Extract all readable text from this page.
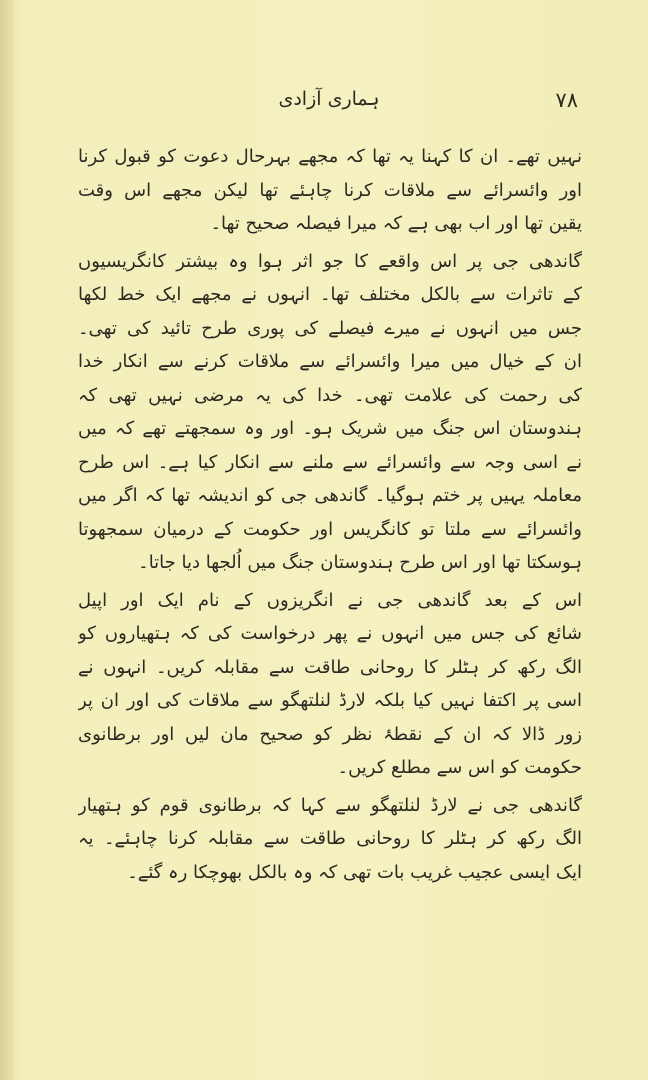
ہماری آزادی	۷۸
نہیں تھے۔ ان کا کہنا یہ تھا کہ مجھے بہرحال دعوت کو قبول کرنا
اور وائسرائے سے ملاقات کرنا چاہئے تھا لیکن مجھے اس وقت
یقین تھا اور اب بھی ہے کہ میرا فیصلہ صحیح تھا۔
گاندھی جی پر اس واقعے کا جو اثر ہوا وہ بیشتر کانگریسیوں
کے تاثرات سے بالکل مختلف تھا۔ انہوں نے مجھے ایک خط لکھا
جس میں انہوں نے میرے فیصلے کی پوری طرح تائید کی تھی۔
ان کے خیال میں میرا وائسرائے سے ملاقات کرنے سے انکار خدا
کی رحمت کی علامت تھی۔ خدا کی یہ مرضی نہیں تھی کہ
ہندوستان اس جنگ میں شریک ہو۔ اور وہ سمجھتے تھے کہ میں
نے اسی وجہ سے وائسرائے سے ملنے سے انکار کیا ہے۔ اس طرح
معاملہ یہیں پر ختم ہوگیا۔ گاندھی جی کو اندیشہ تھا کہ اگر میں
وائسرائے سے ملتا تو کانگریس اور حکومت کے درمیان سمجھوتا
ہوسکتا تھا اور اس طرح ہندوستان جنگ میں اُلجھا دیا جاتا۔
اس کے بعد گاندھی جی نے انگریزوں کے نام ایک اور اپیل
شائع کی جس میں انہوں نے پھر درخواست کی کہ ہتھیاروں کو
الگ رکھ کر ہٹلر کا روحانی طاقت سے مقابلہ کریں۔ انہوں نے
اسی پر اکتفا نہیں کیا بلکہ لارڈ لنلتھگو سے ملاقات کی اور ان پر
زور ڈالا کہ ان کے نقطۂ نظر کو صحیح مان لیں اور برطانوی
حکومت کو اس سے مطلع کریں۔
گاندھی جی نے لارڈ لنلتھگو سے کہا کہ برطانوی قوم کو ہتھیار
الگ رکھ کر ہٹلر کا روحانی طاقت سے مقابلہ کرنا چاہئے۔ یہ
ایک ایسی عجیب غریب بات تھی کہ وہ بالکل بھوچکا رہ گئے۔
